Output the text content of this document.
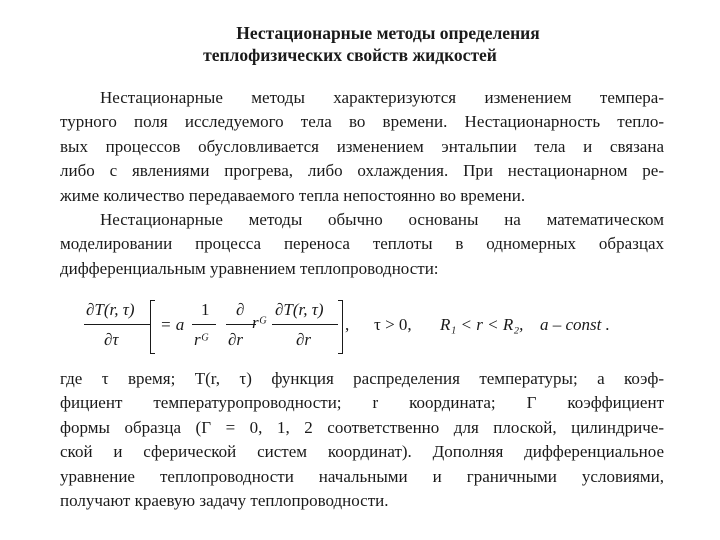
Нестационарные методы определения
теплофизических свойств жидкостей
Нестационарные методы характеризуются изменением темпера-
турного поля исследуемого тела во времени. Нестационарность тепло-
вых процессов обусловливается изменением энтальпии тела и связана
либо с явлениями прогрева, либо охлаждения. При нестационарном ре-
жиме количество передаваемого тепла непостоянно во времени.
Нестационарные методы обычно основаны на математическом
моделировании процесса переноса теплоты в одномерных образцах
дифференциальным уравнением теплопроводности:
∂T(r, τ)
∂τ
= a
1
rᴳ
∂
∂r
rᴳ
∂T(r, τ)
∂r
, τ > 0, R₁ < r < R₂, a – const .
где τ время; T(r, τ) функция распределения температуры; a коэф-
фициент температуропроводности; r координата; Г коэффициент
формы образца (Г = 0, 1, 2 соответственно для плоской, цилиндриче-
ской и сферической систем координат). Дополняя дифференциальное
уравнение теплопроводности начальными и граничными условиями,
получают краевую задачу теплопроводности.
